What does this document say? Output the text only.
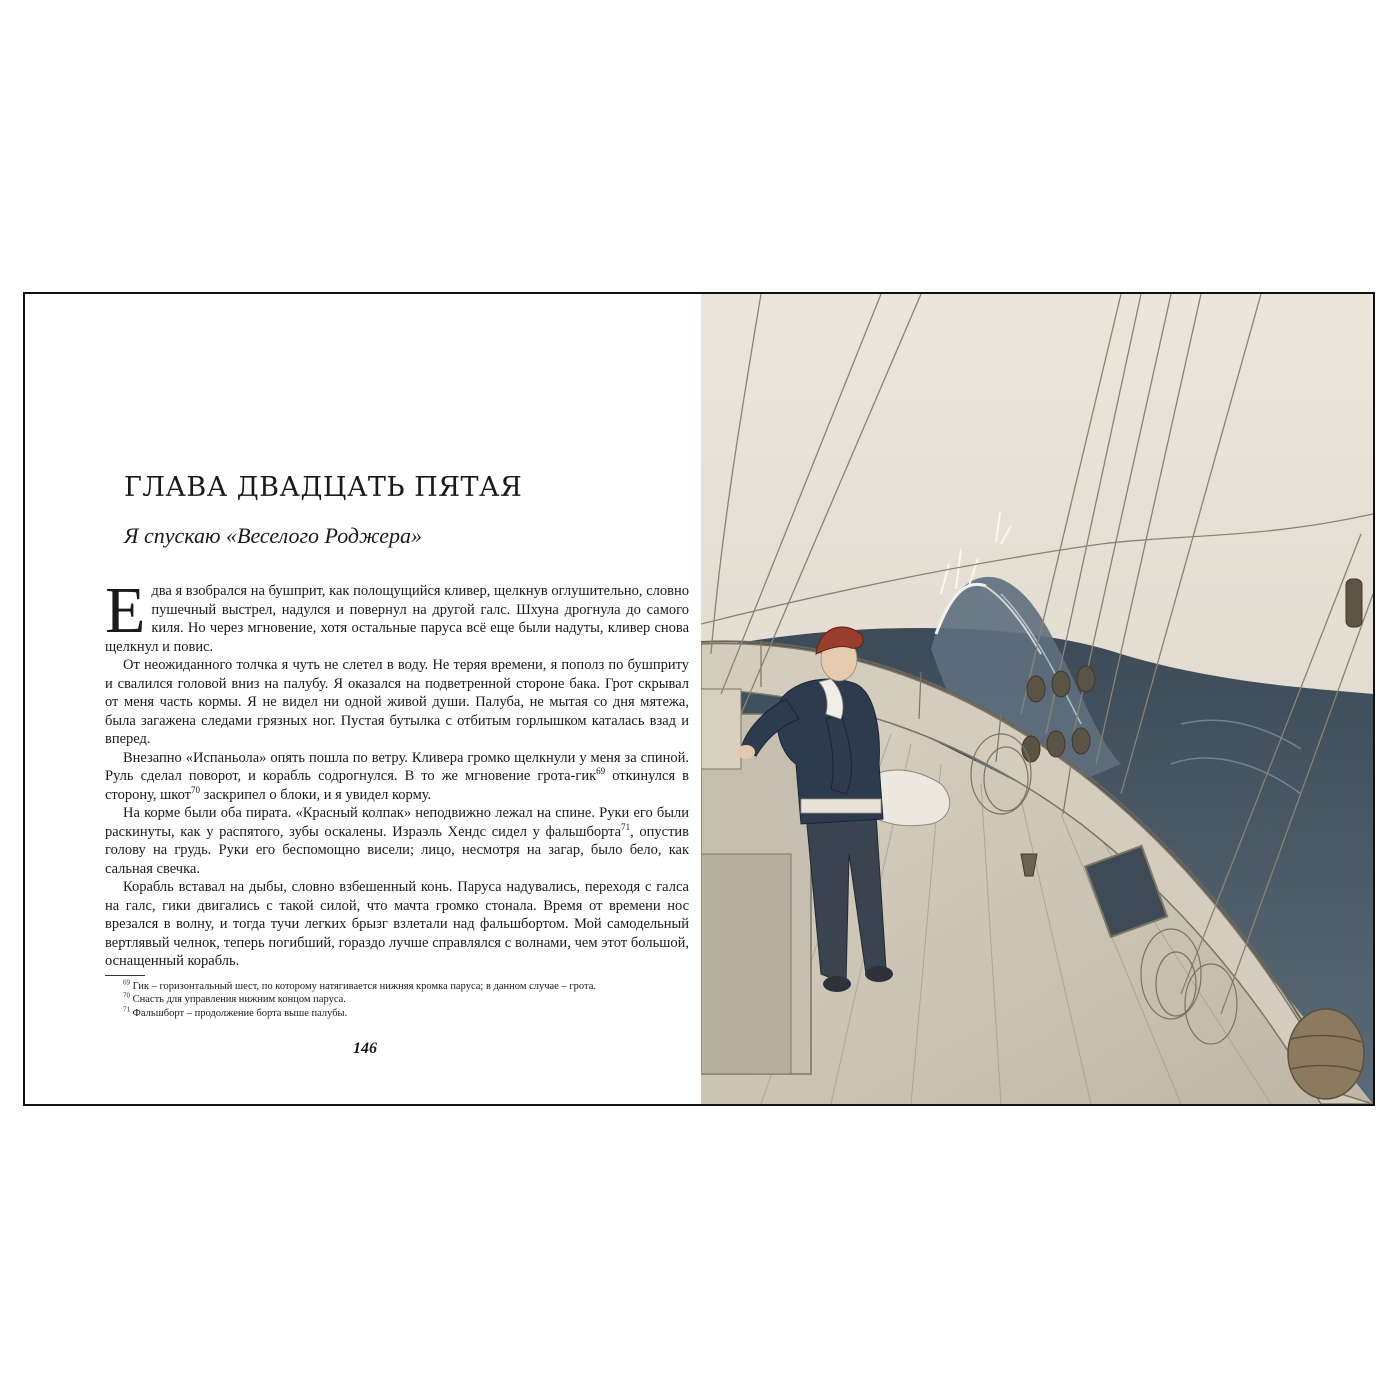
ГЛАВА ДВАДЦАТЬ ПЯТАЯ
Я спускаю «Веселого Роджера»

Едва я взобрался на бушприт, как полощущийся кливер, щелкнув оглушительно, словно пушечный выстрел, надулся и повернул на другой галс. Шхуна дрогнула до самого киля. Но через мгновение, хотя остальные паруса всё еще были надуты, кливер снова щелкнул и повис.

От неожиданного толчка я чуть не слетел в воду. Не теряя времени, я пополз по бушприту и свалился головой вниз на палубу. Я оказался на подветренной стороне бака. Грот скрывал от меня часть кормы. Я не видел ни одной живой души. Палуба, не мытая со дня мятежа, была загажена следами грязных ног. Пустая бутылка с отбитым горлышком каталась взад и вперед.

Внезапно «Испаньола» опять пошла по ветру. Кливера громко щелкнули у меня за спиной. Руль сделал поворот, и корабль содрогнулся. В то же мгновение грота-гик$^{69}$ откинулся в сторону, шкот$^{70}$ заскрипел о блоки, и я увидел корму.

На корме были оба пирата. «Красный колпак» неподвижно лежал на спине. Руки его были раскинуты, как у распятого, зубы оскалены. Израэль Хендс сидел у фальшборта$^{71}$, опустив голову на грудь. Руки его беспомощно висели; лицо, несмотря на загар, было бело, как сальная свечка.

Корабль вставал на дыбы, словно взбешенный конь. Паруса надувались, переходя с галса на галс, гики двигались с такой силой, что мачта громко стонала. Время от времени нос врезался в волну, и тогда тучи легких брызг взлетали над фальшбортом. Мой самодельный вертлявый челнок, теперь погибший, гораздо лучше справлялся с волнами, чем этот большой, оснащенный корабль.

$^{69}$ Гик – горизонтальный шест, по которому натягивается нижняя кромка паруса; в данном случае – грота.

$^{70}$ Снасть для управления нижним концом паруса.

$^{71}$ Фальшборт – продолжение борта выше палубы.

146
